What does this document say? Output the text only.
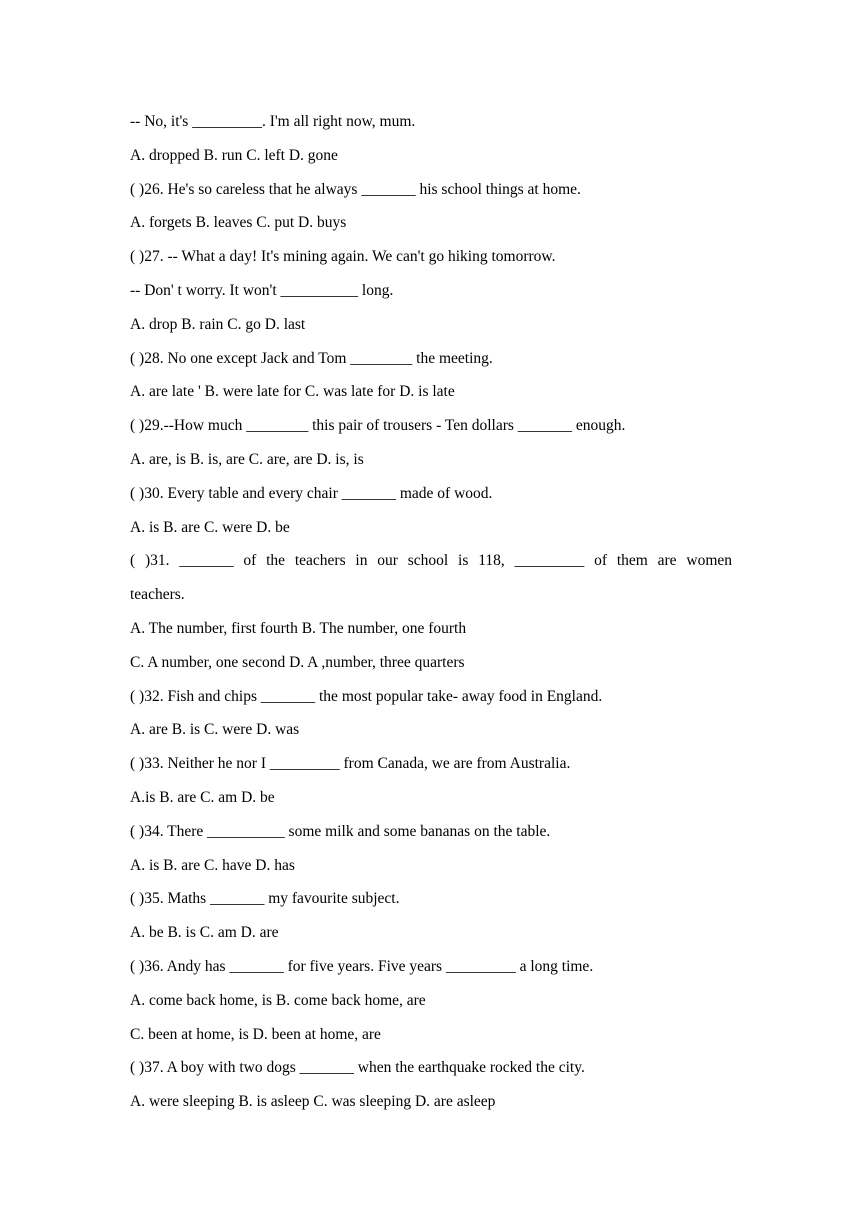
-- No, it's _________. I'm all right now, mum.
A. dropped B. run C. left D. gone
( )26. He's so careless that he always _______ his school things at home.
A. forgets B. leaves C. put D. buys
( )27. -- What a day! It's mining again. We can't go hiking tomorrow.
-- Don' t worry. It won't __________ long.
A. drop B. rain C. go D. last
( )28. No one except Jack and Tom ________ the meeting.
A. are late ' B. were late for C. was late for D. is late
( )29.--How much ________ this pair of trousers - Ten dollars _______ enough.
A. are, is B. is, are C. are, are D. is, is
( )30. Every table and every chair _______ made of wood.
A. is B. are C. were D. be
( )31. _______ of the teachers in our school is 118, _________ of them are women
teachers.
A. The number, first fourth B. The number, one fourth
C. A number, one second D. A ,number, three quarters
( )32. Fish and chips _______ the most popular take- away food in England.
A. are B. is C. were D. was
( )33. Neither he nor I _________ from Canada, we are from Australia.
A.is B. are C. am D. be
( )34. There __________ some milk and some bananas on the table.
A. is B. are C. have D. has
( )35. Maths _______ my favourite subject.
A. be B. is C. am D. are
( )36. Andy has _______ for five years. Five years _________ a long time.
A. come back home, is B. come back home, are
C. been at home, is D. been at home, are
( )37. A boy with two dogs _______ when the earthquake rocked the city.
A. were sleeping B. is asleep C. was sleeping D. are asleep
